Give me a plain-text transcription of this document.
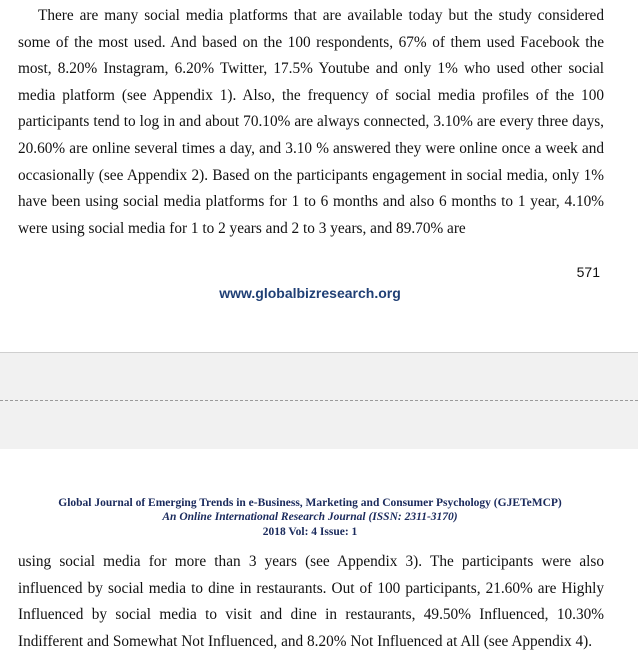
There are many social media platforms that are available today but the study considered some of the most used. And based on the 100 respondents, 67% of them used Facebook the most, 8.20% Instagram, 6.20% Twitter, 17.5% Youtube and only 1% who used other social media platform (see Appendix 1). Also, the frequency of social media profiles of the 100 participants tend to log in and about 70.10% are always connected, 3.10% are every three days, 20.60% are online several times a day, and 3.10 % answered they were online once a week and occasionally (see Appendix 2). Based on the participants engagement in social media, only 1% have been using social media platforms for 1 to 6 months and also 6 months to 1 year, 4.10% were using social media for 1 to 2 years and 2 to 3 years, and 89.70% are

571
www.globalbizresearch.org
Global Journal of Emerging Trends in e-Business, Marketing and Consumer Psychology (GJETeMCP)
An Online International Research Journal (ISSN: 2311-3170)
2018 Vol: 4 Issue: 1

using social media for more than 3 years (see Appendix 3). The participants were also influenced by social media to dine in restaurants. Out of 100 participants, 21.60% are Highly Influenced by social media to visit and dine in restaurants, 49.50% Influenced, 10.30% Indifferent and Somewhat Not Influenced, and 8.20% Not Influenced at All (see Appendix 4).
